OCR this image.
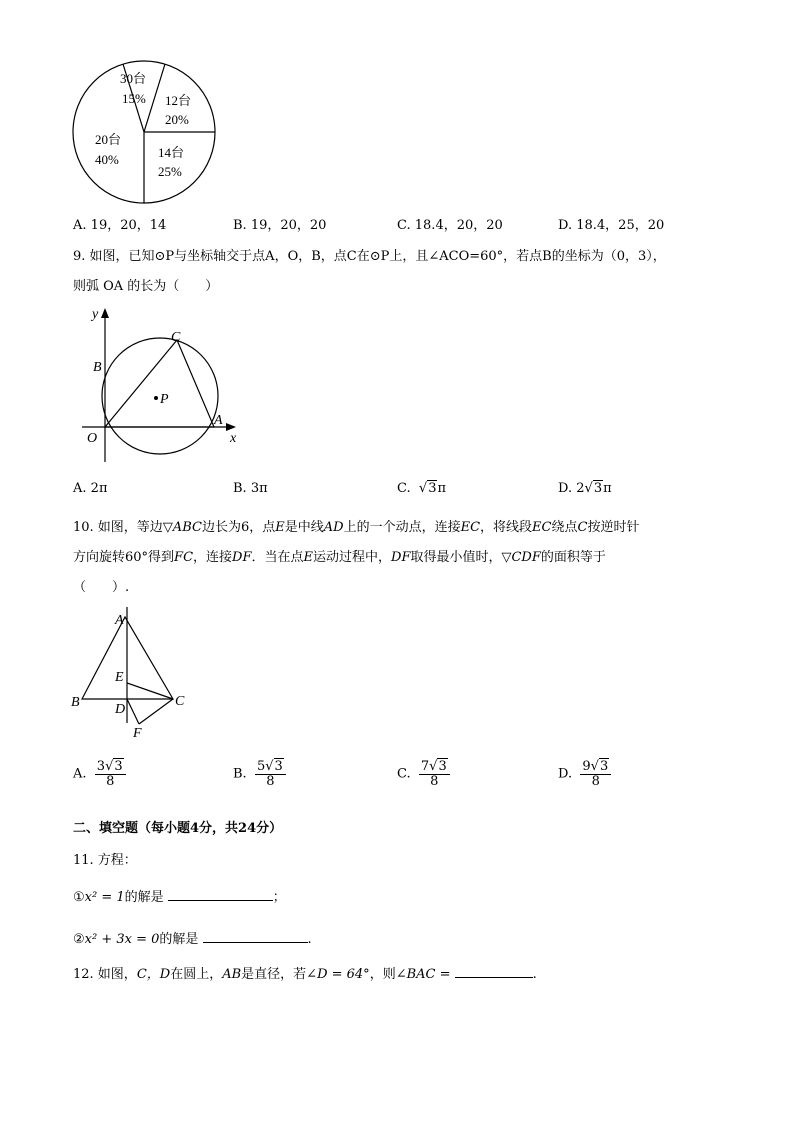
30台
15% 12台
20%
14台
25%
20台
40%
A. 19，20，14	B. 19，20，20	C. 18.4，20，20	D. 18.4，25，20
9. 如图，已知⊙P与坐标轴交于点A，O，B，点C在⊙P上，且∠ACO=60°，若点B的坐标为（0，3），
则弧 OA 的长为（　　）
y
x
O
A
B
C
P
A. 2π	B. 3π	C. √3π	D. 2√3π
10. 如图，等边▽ABC边长为6，点E是中线AD上的一个动点，连接EC，将线段EC绕点C按逆时针
方向旋转60°得到FC，连接DF．当在点E运动过程中，DF取得最小值时，▽CDF的面积等于
（　　）.
A
B	C
D
E
F
A. $\frac{3√3}{8}$	B. $\frac{5√3}{8}$	C. $\frac{7√3}{8}$	D. $\frac{9√3}{8}$
二、填空题（每小题4分，共24分）
11. 方程：
①x² = 1的解是	；
②x² + 3x = 0的解是	.
12. 如图，C，D在圆上，AB是直径，若∠D = 64°，则∠BAC =	.
